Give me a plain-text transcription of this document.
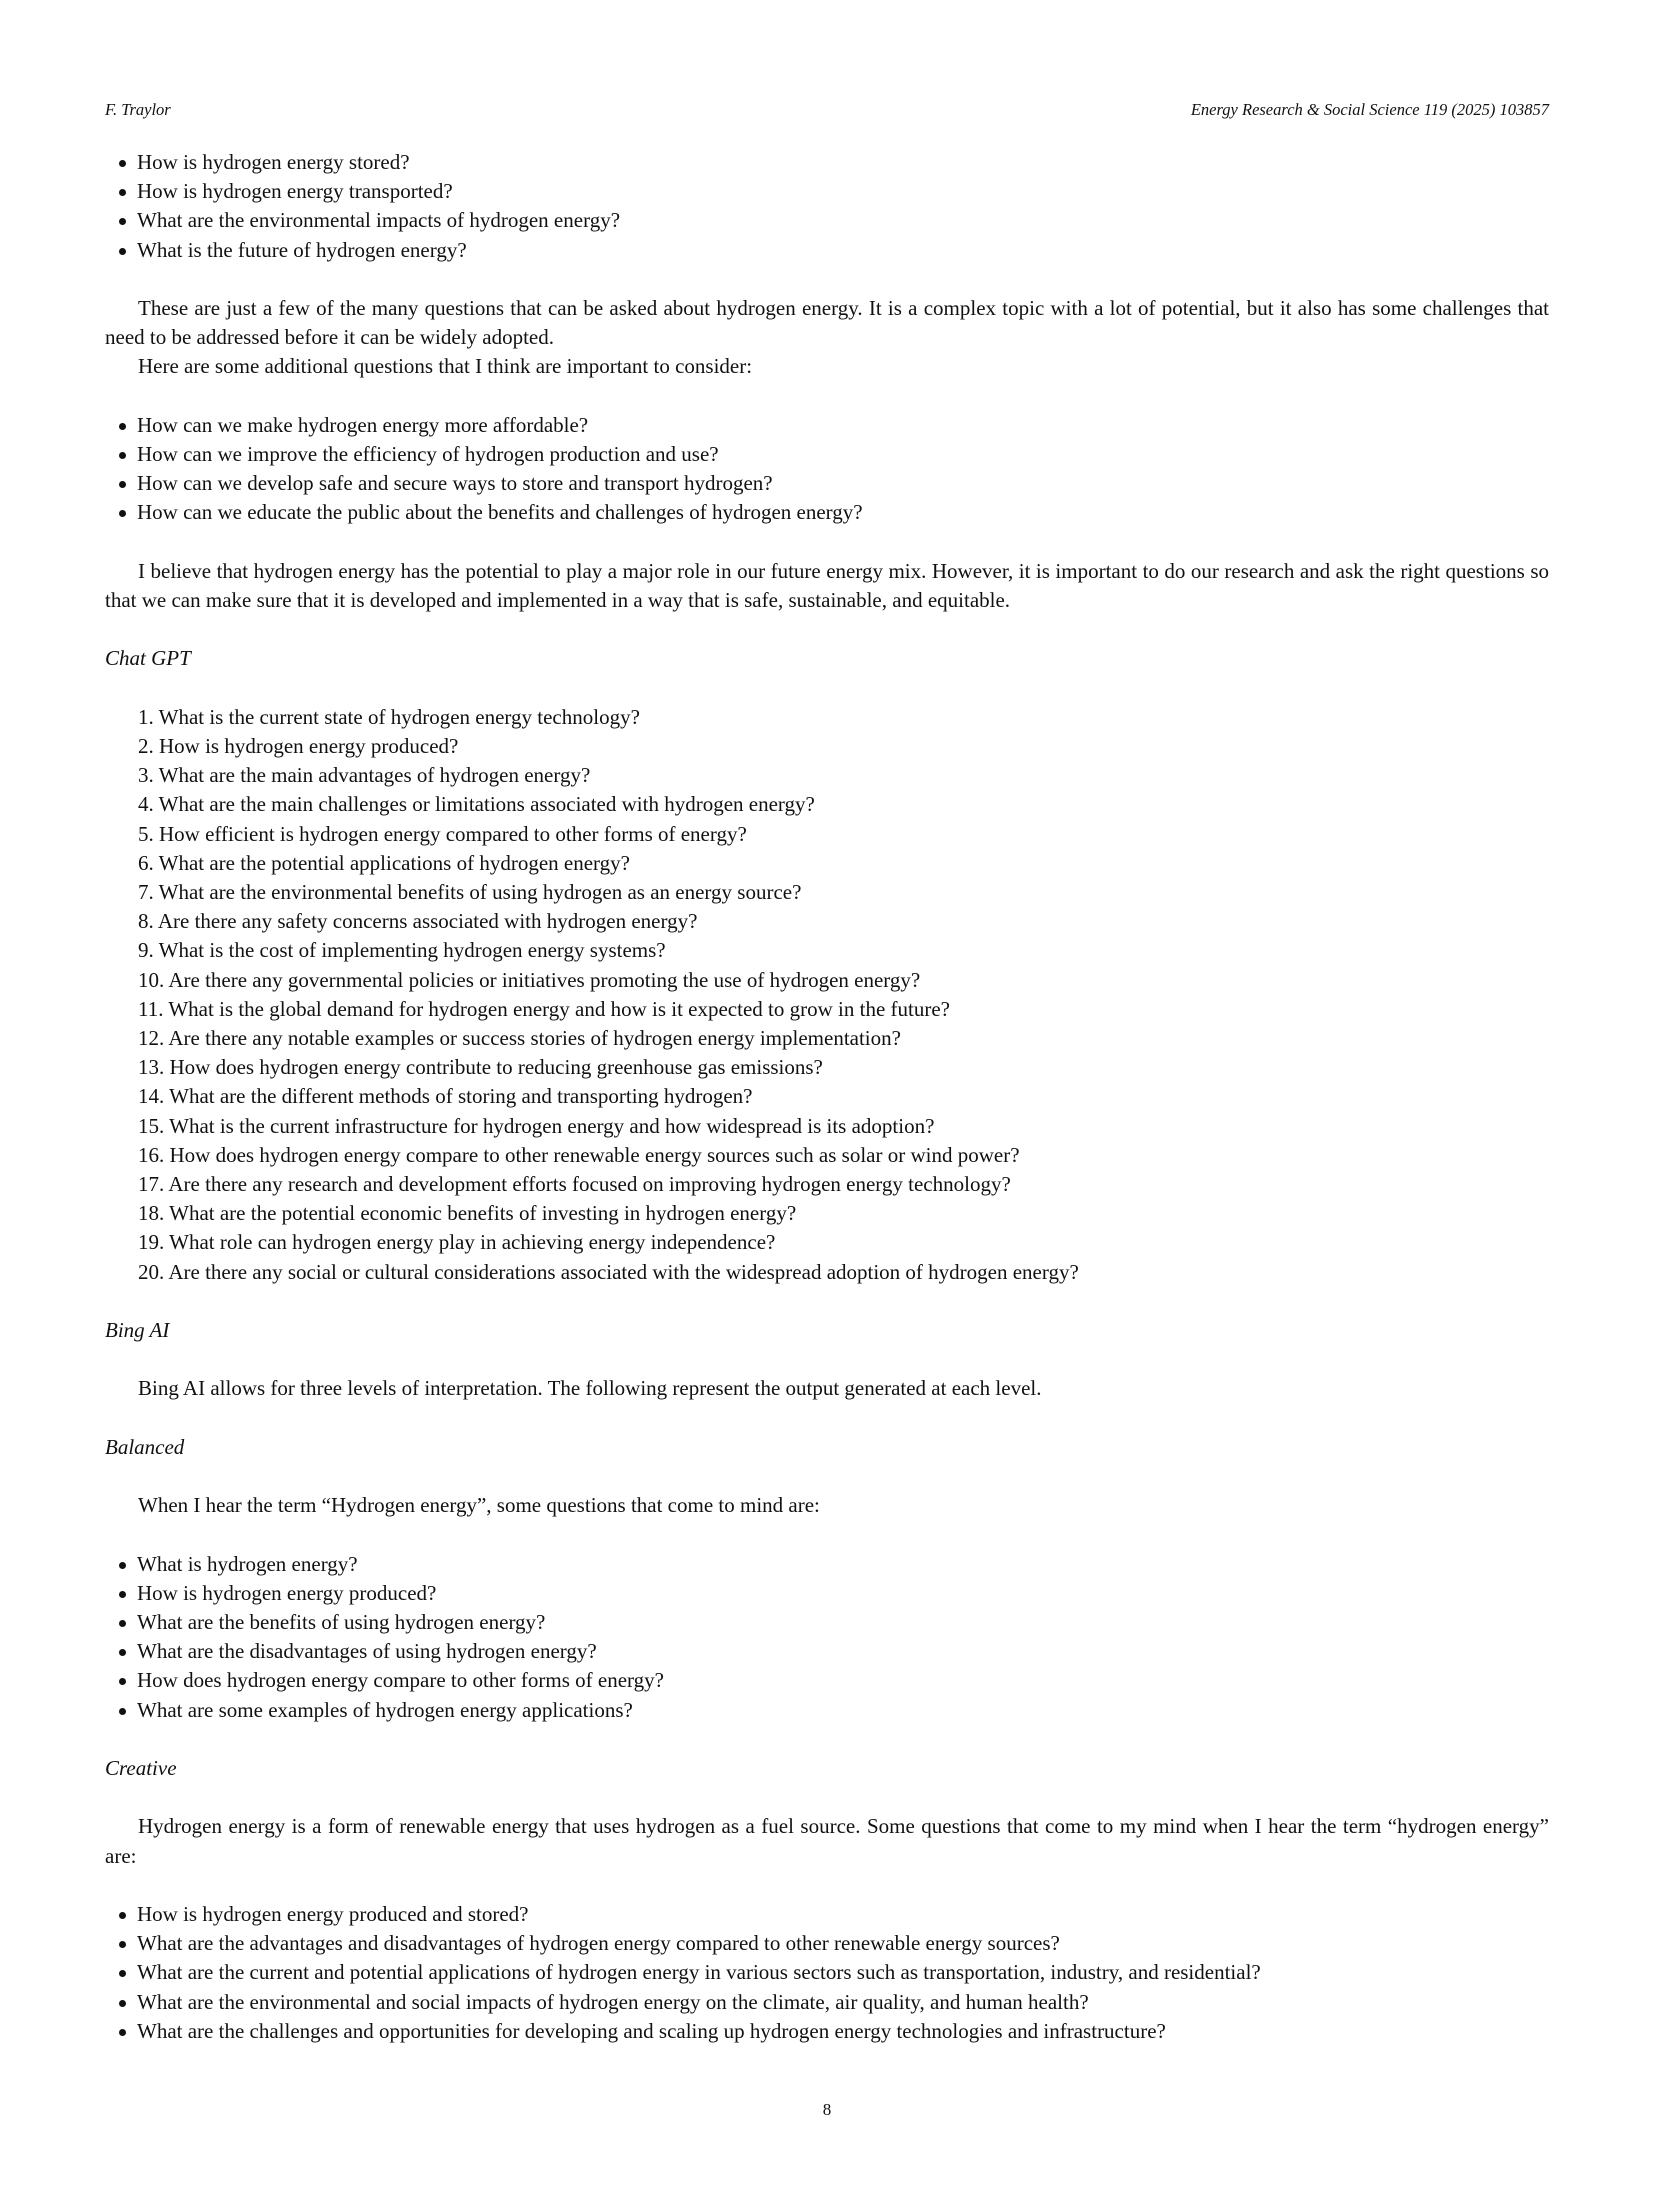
F. Traylor	Energy Research & Social Science 119 (2025) 103857
How is hydrogen energy stored?
How is hydrogen energy transported?
What are the environmental impacts of hydrogen energy?
What is the future of hydrogen energy?

These are just a few of the many questions that can be asked about hydrogen energy. It is a complex topic with a lot of potential, but it also has some challenges that need to be addressed before it can be widely adopted.

Here are some additional questions that I think are important to consider:

How can we make hydrogen energy more affordable?
How can we improve the efficiency of hydrogen production and use?
How can we develop safe and secure ways to store and transport hydrogen?
How can we educate the public about the benefits and challenges of hydrogen energy?

I believe that hydrogen energy has the potential to play a major role in our future energy mix. However, it is important to do our research and ask the right questions so that we can make sure that it is developed and implemented in a way that is safe, sustainable, and equitable.

Chat GPT

1. What is the current state of hydrogen energy technology?
2. How is hydrogen energy produced?
3. What are the main advantages of hydrogen energy?
4. What are the main challenges or limitations associated with hydrogen energy?
5. How efficient is hydrogen energy compared to other forms of energy?
6. What are the potential applications of hydrogen energy?
7. What are the environmental benefits of using hydrogen as an energy source?
8. Are there any safety concerns associated with hydrogen energy?
9. What is the cost of implementing hydrogen energy systems?
10. Are there any governmental policies or initiatives promoting the use of hydrogen energy?
11. What is the global demand for hydrogen energy and how is it expected to grow in the future?
12. Are there any notable examples or success stories of hydrogen energy implementation?
13. How does hydrogen energy contribute to reducing greenhouse gas emissions?
14. What are the different methods of storing and transporting hydrogen?
15. What is the current infrastructure for hydrogen energy and how widespread is its adoption?
16. How does hydrogen energy compare to other renewable energy sources such as solar or wind power?
17. Are there any research and development efforts focused on improving hydrogen energy technology?
18. What are the potential economic benefits of investing in hydrogen energy?
19. What role can hydrogen energy play in achieving energy independence?
20. Are there any social or cultural considerations associated with the widespread adoption of hydrogen energy?

Bing AI

Bing AI allows for three levels of interpretation. The following represent the output generated at each level.

Balanced

When I hear the term “Hydrogen energy”, some questions that come to mind are:

What is hydrogen energy?
How is hydrogen energy produced?
What are the benefits of using hydrogen energy?
What are the disadvantages of using hydrogen energy?
How does hydrogen energy compare to other forms of energy?
What are some examples of hydrogen energy applications?

Creative

Hydrogen energy is a form of renewable energy that uses hydrogen as a fuel source. Some questions that come to my mind when I hear the term “hydrogen energy” are:

How is hydrogen energy produced and stored?
What are the advantages and disadvantages of hydrogen energy compared to other renewable energy sources?
What are the current and potential applications of hydrogen energy in various sectors such as transportation, industry, and residential?
What are the environmental and social impacts of hydrogen energy on the climate, air quality, and human health?
What are the challenges and opportunities for developing and scaling up hydrogen energy technologies and infrastructure?
8
